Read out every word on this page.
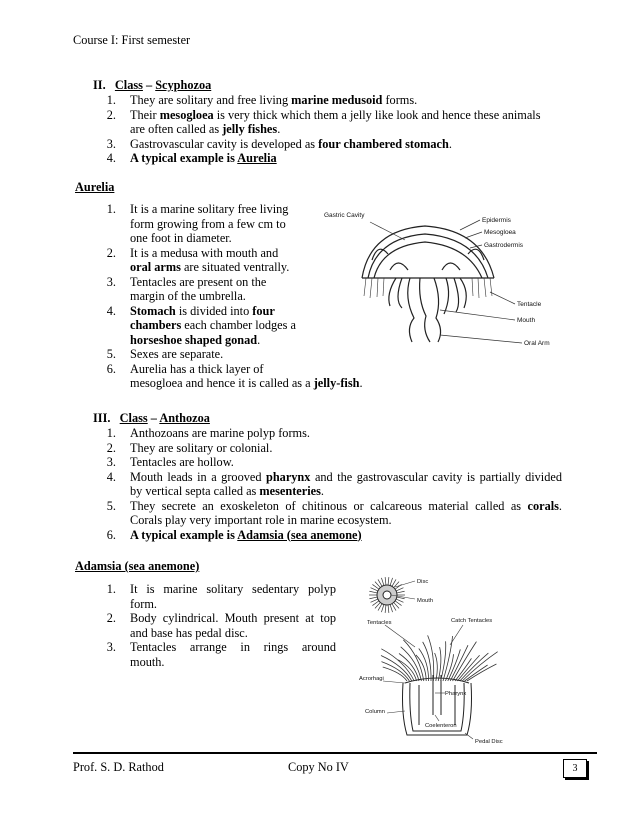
Course I: First semester
II. Class – Scyphozoa
1. They are solitary and free living marine medusoid forms.
2. Their mesogloea is very thick which them a jelly like look and hence these animals
are often called as jelly fishes.
3. Gastrovascular cavity is developed as four chambered stomach.
4. A typical example is Aurelia
Aurelia
1. It is a marine solitary free living
form growing from a few cm to
one foot in diameter.
2. It is a medusa with mouth and
oral arms are situated ventrally.
3. Tentacles are present on the
margin of the umbrella.
4. Stomach is divided into four
chambers each chamber lodges a
horseshoe shaped gonad.
5. Sexes are separate.
6. Aurelia has a thick layer of
mesogloea and hence it is called as a jelly-fish.
Gastric Cavity
Epidermis
Mesogloea
Gastrodermis
Tentacle
Mouth
Oral Arm
III. Class – Anthozoa
1. Anthozoans are marine polyp forms.
2. They are solitary or colonial.
3. Tentacles are hollow.
4. Mouth leads in a grooved pharynx and the gastrovascular cavity is partially divided
by vertical septa called as mesenteries.
5. They secrete an exoskeleton of chitinous or calcareous material called as corals.
Corals play very important role in marine ecosystem.
6. A typical example is Adamsia (sea anemone)
Adamsia (sea anemone)
1. It is marine solitary sedentary polyp
form.
2. Body cylindrical. Mouth present at top
and base has pedal disc.
3. Tentacles arrange in rings around
mouth.
Disc
Mouth
Tentacles	Catch Tentacles
Acrorhagi
Pharynx
Column
Coelenteron
Pedal Disc
Prof. S. D. Rathod	Copy No IV	3
